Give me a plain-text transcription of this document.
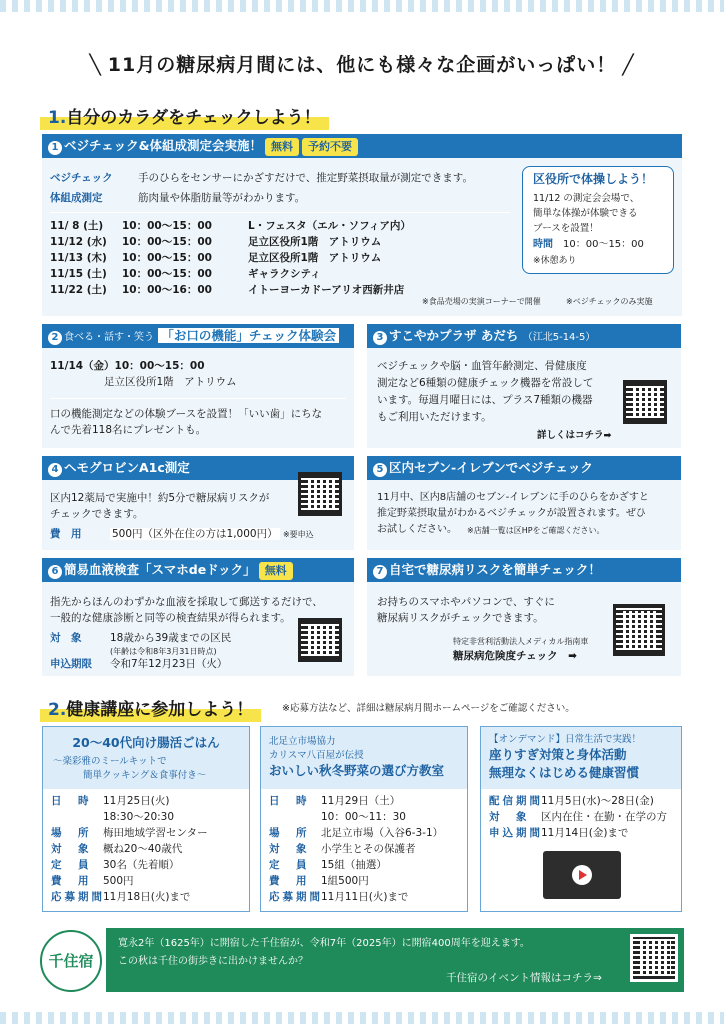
╲ 11月の糖尿病月間には、他にも様々な企画がいっぱい！ ╱
1.自分のカラダをチェックしよう！
1 ベジチェック&体組成測定会実施！ 無料 予約不要
ベジチェック 手のひらをセンサーにかざすだけで、推定野菜摂取量が測定できます。
体組成測定	筋肉量や体脂肪量等がわかります。
11/ 8 (土) 10：00～15：00	L・フェスタ（エル・ソフィア内）
11/12 (水) 10：00～15：00	足立区役所1階　アトリウム
11/13 (木) 10：00～15：00	足立区役所1階　アトリウム
11/15 (土) 10：00～15：00	ギャラクシティ
11/22 (土) 10：00～16：00	イトーヨーカドーアリオ西新井店
※食品売場の実演コーナーで開催	※ベジチェックのみ実施
区役所で体操しよう！
11/12 の測定会会場で、
簡単な体操が体験できる
ブースを設置！
時間　 10：00～15：00
※休憩あり
2 食べる・話す・笑う 「お口の機能」チェック体験会
11/14（金）10：00～15：00
足立区役所1階　アトリウム
口の機能測定などの体験ブースを設置！「いい歯」にちな
んで先着118名にプレゼントも。
3 すこやかプラザ あだち （江北5-14-5）
ベジチェックや脳・血管年齢測定、骨健康度
測定など6種類の健康チェック機器を常設して
います。毎週月曜日には、プラス7種類の機器
もご利用いただけます。
詳しくはコチラ➡
4 ヘモグロビンA1c測定
区内12薬局で実施中！約5分で糖尿病リスクが
チェックできます。
費　用	500円（区外在住の方は1,000円） ※要申込
5 区内セブン-イレブンでベジチェック
11月中、区内8店舗のセブン-イレブンに手のひらをかざすと
推定野菜摂取量がわかるベジチェックが設置されます。ぜひ
お試しください。 ※店舗一覧は区HPをご確認ください。
6 簡易血液検査「スマホdeドック」 無料
指先からほんのわずかな血液を採取して郵送するだけで、
一般的な健康診断と同等の検査結果が得られます。
対　象	18歳から39歳までの区民
(年齢は令和8年3月31日時点)
申込期限 令和7年12月23日（火）
7 自宅で糖尿病リスクを簡単チェック！
お持ちのスマホやパソコンで、すぐに
糖尿病リスクがチェックできます。
特定非営利活動法人メディカル指南車
糖尿病危険度チェック　➡
2.健康講座に参加しよう！	※応募方法など、詳細は糖尿病月間ホームページをご確認ください。
20～40代向け腸活ごはん
～楽彩雅のミールキットで
簡単クッキング＆食事付き～
日　時 11月25日(火)
18:30～20:30
場　所 梅田地域学習センター
対　象 概ね20～40歳代
定　員 30名（先着順）
費　用 500円
応募期間11月18日(火)まで
北足立市場協力
カリスマ八百屋が伝授
おいしい秋冬野菜の選び方教室
日　時 11月29日（土）
10：00～11：30
場　所 北足立市場（入谷6-3-1）
対　象 小学生とその保護者
定　員 15組（抽選）
費　用 1組500円
応募期間11月11日(火)まで
【オンデマンド】日常生活で実践！
座りすぎ対策と身体活動
無理なくはじめる健康習慣
配信期間11月5日(水)～28日(金)
対　象 区内在住・在勤・在学の方
申込期間11月14日(金)まで
千住宿
寛永2年（1625年）に開宿した千住宿が、令和7年（2025年）に開宿400周年を迎えます。
この秋は千住の街歩きに出かけませんか？
千住宿のイベント情報はコチラ⇒
